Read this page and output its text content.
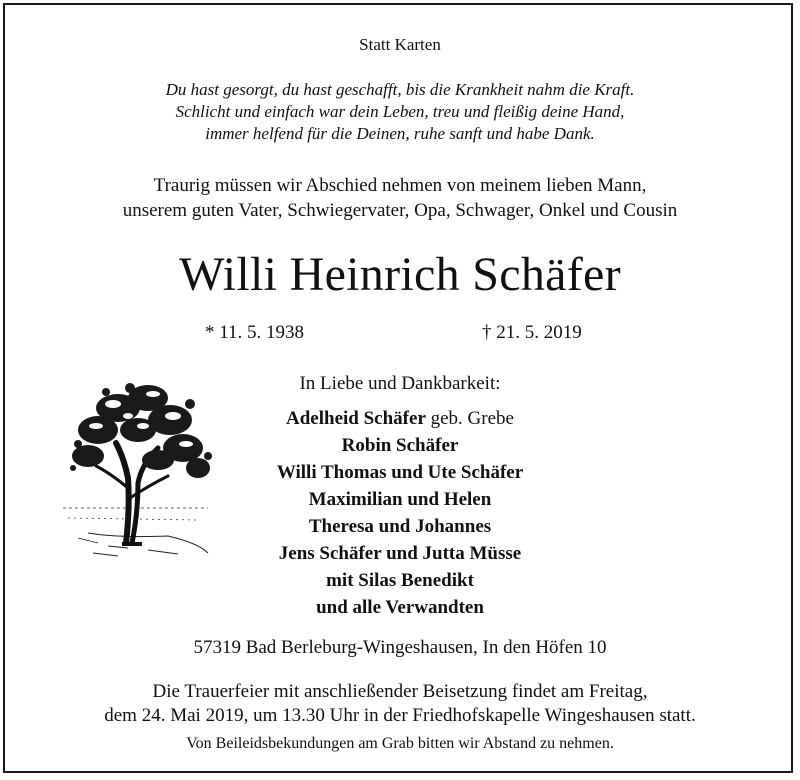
Statt Karten
Du hast gesorgt, du hast geschafft, bis die Krankheit nahm die Kraft.
Schlicht und einfach war dein Leben, treu und fleißig deine Hand,
immer helfend für die Deinen, ruhe sanft und habe Dank.
Traurig müssen wir Abschied nehmen von meinem lieben Mann,
unserem guten Vater, Schwiegervater, Opa, Schwager, Onkel und Cousin
Willi Heinrich Schäfer
* 11. 5. 1938	† 21. 5. 2019
In Liebe und Dankbarkeit:
Adelheid Schäfer geb. Grebe
Robin Schäfer
Willi Thomas und Ute Schäfer
Maximilian und Helen
Theresa und Johannes
Jens Schäfer und Jutta Müsse
mit Silas Benedikt
und alle Verwandten
57319 Bad Berleburg-Wingeshausen, In den Höfen 10
Die Trauerfeier mit anschließender Beisetzung findet am Freitag,
dem 24. Mai 2019, um 13.30 Uhr in der Friedhofskapelle Wingeshausen statt.
Von Beileidsbekundungen am Grab bitten wir Abstand zu nehmen.
